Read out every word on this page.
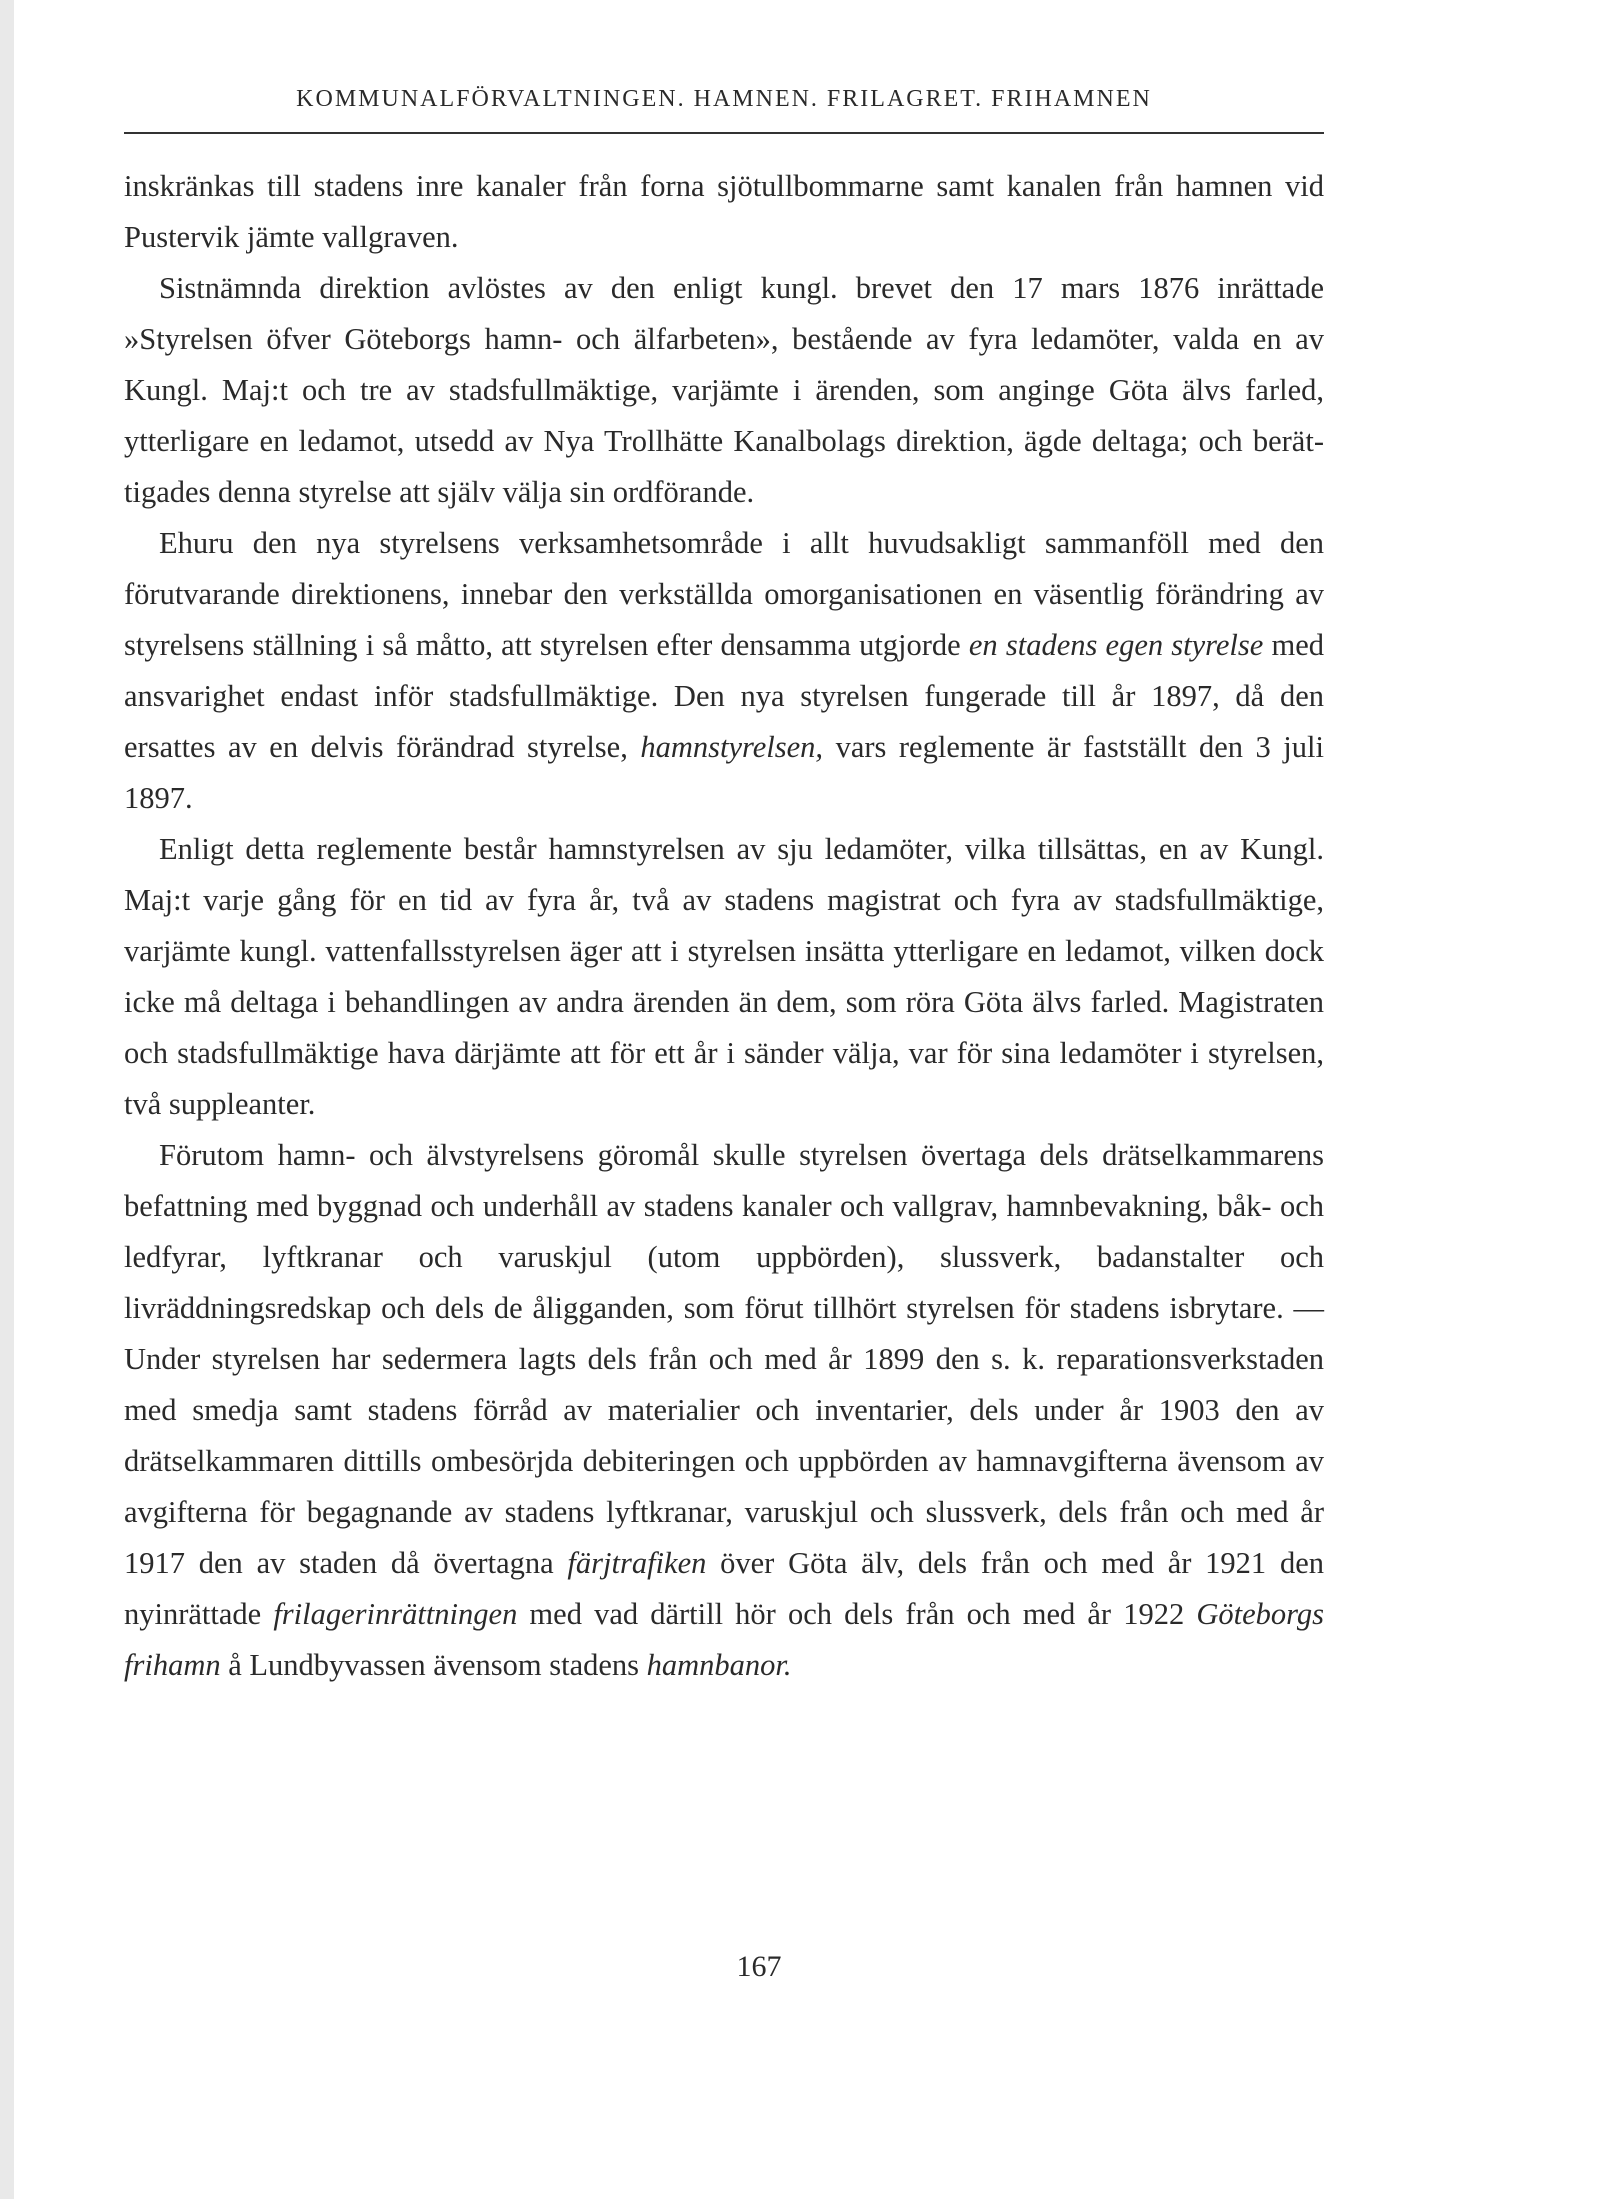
KOMMUNALFÖRVALTNINGEN. HAMNEN. FRILAGRET. FRIHAMNEN

inskränkas till stadens inre kanaler från forna sjötullbommarne samt kanalen från hamnen vid Pustervik jämte vallgraven.

Sistnämnda direktion avlöstes av den enligt kungl. brevet den 17 mars 1876 inrättade »Styrelsen öfver Göteborgs hamn- och älfarbeten», bestående av fyra ledamöter, valda en av Kungl. Maj:t och tre av stadsfullmäktige, varjämte i ärenden, som anginge Göta älvs farled, ytterligare en ledamot, utsedd av Nya Trollhätte Kanalbolags direktion, ägde deltaga; och berättigades denna styrelse att själv välja sin ordförande.

Ehuru den nya styrelsens verksamhetsområde i allt huvudsakligt sammanföll med den förutvarande direktionens, innebar den verkställda omorganisationen en väsentlig förändring av styrelsens ställning i så måtto, att styrelsen efter densamma utgjorde en stadens egen styrelse med ansvarighet endast inför stadsfullmäktige. Den nya styrelsen fungerade till år 1897, då den ersattes av en delvis förändrad styrelse, hamnstyrelsen, vars reglemente är fastställt den 3 juli 1897.

Enligt detta reglemente består hamnstyrelsen av sju ledamöter, vilka tillsättas, en av Kungl. Maj:t varje gång för en tid av fyra år, två av stadens magistrat och fyra av stadsfullmäktige, varjämte kungl. vattenfallsstyrelsen äger att i styrelsen insätta ytterligare en ledamot, vilken dock icke må deltaga i behandlingen av andra ärenden än dem, som röra Göta älvs farled. Magistraten och stadsfullmäktige hava därjämte att för ett år i sänder välja, var för sina ledamöter i styrelsen, två suppleanter.

Förutom hamn- och älvstyrelsens göromål skulle styrelsen övertaga dels drätselkammarens befattning med byggnad och underhåll av stadens kanaler och vallgrav, hamnbevakning, båk- och ledfyrar, lyftkranar och varuskjul (utom uppbörden), slussverk, badanstalter och livräddningsredskap och dels de åligganden, som förut tillhört styrelsen för stadens isbrytare. — Under styrelsen har sedermera lagts dels från och med år 1899 den s. k. reparationsverkstaden med smedja samt stadens förråd av materialier och inventarier, dels under år 1903 den av drätselkammaren dittills ombesörjda debiteringen och uppbörden av hamnavgifterna ävensom av avgifterna för begagnande av stadens lyftkranar, varuskjul och slussverk, dels från och med år 1917 den av staden då övertagna färjtrafiken över Göta älv, dels från och med år 1921 den nyinrättade frilagerinrättningen med vad därtill hör och dels från och med år 1922 Göteborgs frihamn å Lundbyvassen ävensom stadens hamnbanor.

167
